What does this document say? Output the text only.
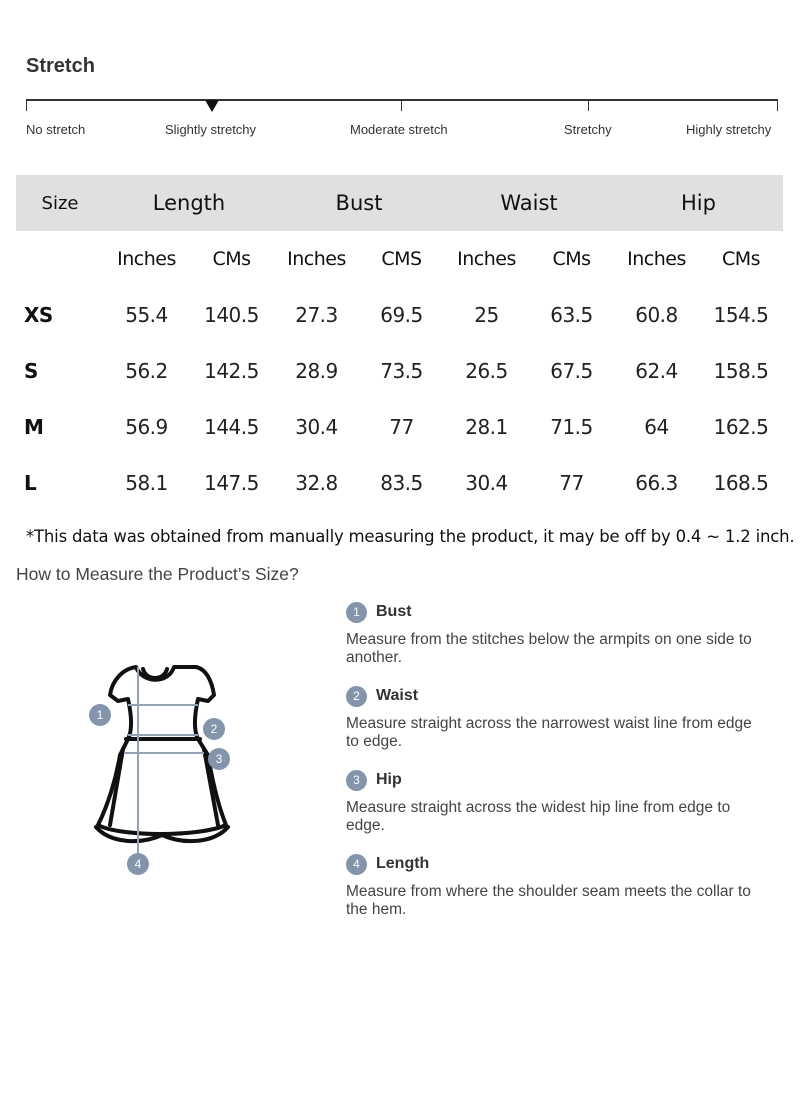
Stretch
No stretch	Slightly stretchy	Moderate stretch	Stretchy	Highly stretchy
Size	Length		Bust		Waist		Hip	
	Inches	CMs	Inches	CMS	Inches	CMs	Inches	CMs
XS	55.4	140.5	27.3	69.5	25	63.5	60.8	154.5
S	56.2	142.5	28.9	73.5	26.5	67.5	62.4	158.5
M	56.9	144.5	30.4	77	28.1	71.5	64	162.5
L	58.1	147.5	32.8	83.5	30.4	77	66.3	168.5
*This data was obtained from manually measuring the product, it may be off by 0.4 ~ 1.2 inch.
How to Measure the Product’s Size?
1
2
3
4
1	Bust
Measure from the stitches below the armpits on one side to another.
2	Waist
Measure straight across the narrowest waist line from edge to edge.
3	Hip
Measure straight across the widest hip line from edge to edge.
4	Length
Measure from where the shoulder seam meets the collar to the hem.
